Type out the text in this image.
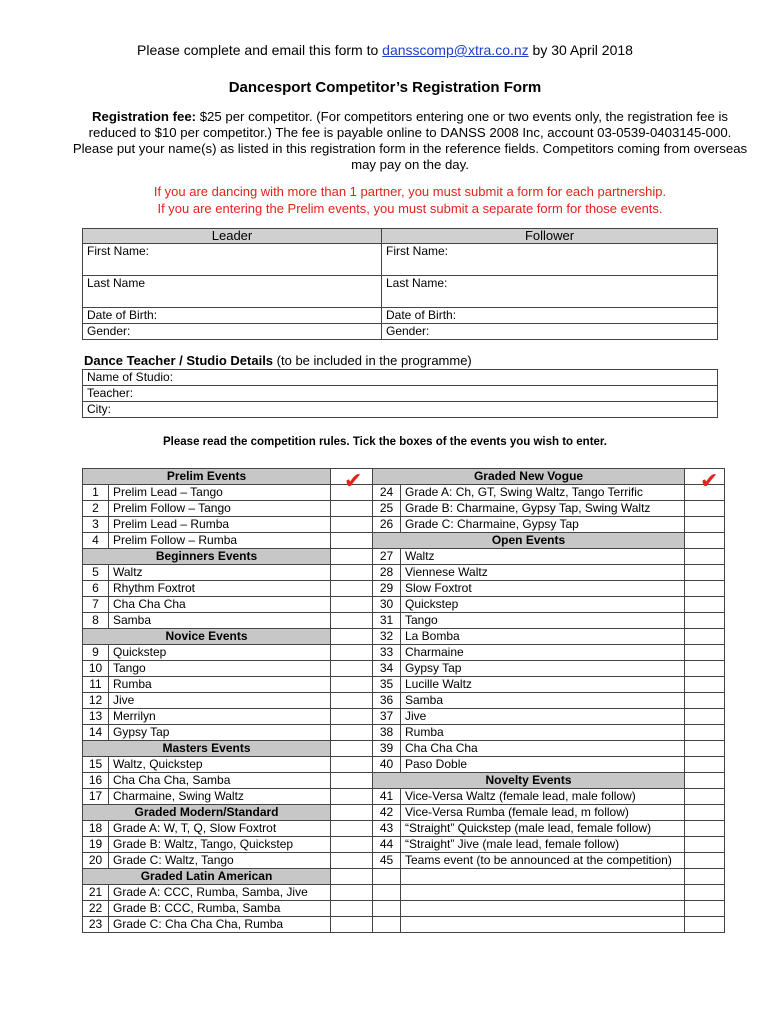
Please complete and email this form to dansscomp@xtra.co.nz by 30 April 2018
Dancesport Competitor’s Registration Form
Registration fee: $25 per competitor. (For competitors entering one or two events only, the registration fee is reduced to $10 per competitor.) The fee is payable online to DANSS 2008 Inc, account 03-0539-0403145-000. Please put your name(s) as listed in this registration form in the reference fields. Competitors coming from overseas may pay on the day.
If you are dancing with more than 1 partner, you must submit a form for each partnership.
If you are entering the Prelim events, you must submit a separate form for those events.
Leader	Follower
First Name:	First Name:
Last Name	Last Name:
Date of Birth:	Date of Birth:
Gender:	Gender:
Dance Teacher / Studio Details (to be included in the programme)
Name of Studio:
Teacher:
City:
Please read the competition rules. Tick the boxes of the events you wish to enter.
Prelim Events			Graded New Vogue		
1	Prelim Lead – Tango		24	Grade A: Ch, GT, Swing Waltz, Tango Terrific	
2	Prelim Follow – Tango		25	Grade B: Charmaine, Gypsy Tap, Swing Waltz	
3	Prelim Lead – Rumba		26	Grade C: Charmaine, Gypsy Tap	
4	Prelim Follow – Rumba		Open Events		
Beginners Events			27	Waltz	
5	Waltz		28	Viennese Waltz	
6	Rhythm Foxtrot		29	Slow Foxtrot	
7	Cha Cha Cha		30	Quickstep	
8	Samba		31	Tango	
Novice Events			32	La Bomba	
9	Quickstep		33	Charmaine	
10	Tango		34	Gypsy Tap	
11	Rumba		35	Lucille Waltz	
12	Jive		36	Samba	
13	Merrilyn		37	Jive	
14	Gypsy Tap		38	Rumba	
Masters Events			39	Cha Cha Cha	
15	Waltz, Quickstep		40	Paso Doble	
16	Cha Cha Cha, Samba		Novelty Events		
17	Charmaine, Swing Waltz		41	Vice-Versa Waltz (female lead, male follow)	
Graded Modern/Standard			42	Vice-Versa Rumba (female lead, m follow)	
18	Grade A: W, T, Q, Slow Foxtrot		43	“Straight” Quickstep (male lead, female follow)	
19	Grade B: Waltz, Tango, Quickstep		44	“Straight” Jive (male lead, female follow)	
20	Grade C: Waltz, Tango		45	Teams event (to be announced at the competition)	
Graded Latin American					
21	Grade A: CCC, Rumba, Samba, Jive				
22	Grade B: CCC, Rumba, Samba				
23	Grade C: Cha Cha Cha, Rumba				
✔	✔
